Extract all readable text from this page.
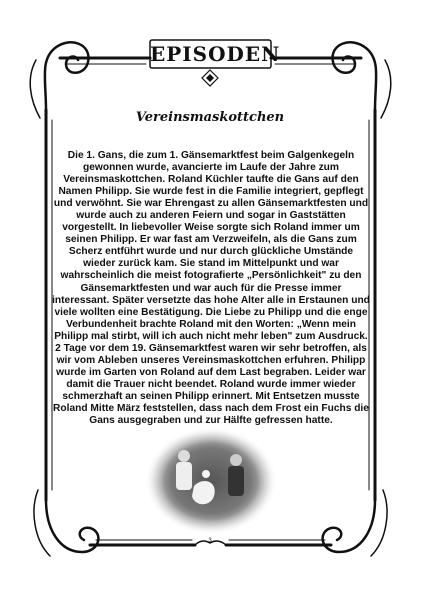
EPISODEN
Vereinsmaskottchen

Die 1. Gans, die zum 1. Gänsemarktfest beim Galgenkegeln gewonnen wurde, avancierte im Laufe der Jahre zum Vereinsmaskottchen. Roland Küchler taufte die Gans auf den Namen Philipp. Sie wurde fest in die Familie integriert, gepflegt und verwöhnt. Sie war Ehrengast zu allen Gänsemarktfesten und wurde auch zu anderen Feiern und sogar in Gaststätten vorgestellt. In liebevoller Weise sorgte sich Roland immer um seinen Philipp. Er war fast am Verzweifeln, als die Gans zum Scherz entführt wurde und nur durch glückliche Umstände wieder zurück kam. Sie stand im Mittelpunkt und war wahrscheinlich die meist fotografierte „Persönlichkeit" zu den Gänsemarktfesten und war auch für die Presse immer interessant. Später versetzte das hohe Alter alle in Erstaunen und viele wollten eine Bestätigung. Die Liebe zu Philipp und die enge Verbundenheit brachte Roland mit den Worten: „Wenn mein Philipp mal stirbt, will ich auch nicht mehr leben" zum Ausdruck. 2 Tage vor dem 19. Gänsemarktfest waren wir sehr betroffen, als wir vom Ableben unseres Vereinsmaskottchen erfuhren. Philipp wurde im Garten von Roland auf dem Last begraben. Leider war damit die Trauer nicht beendet. Roland wurde immer wieder schmerzhaft an seinen Philipp erinnert. Mit Entsetzen musste Roland Mitte März feststellen, dass nach dem Frost ein Fuchs die Gans ausgegraben und zur Hälfte gefressen hatte.

3
